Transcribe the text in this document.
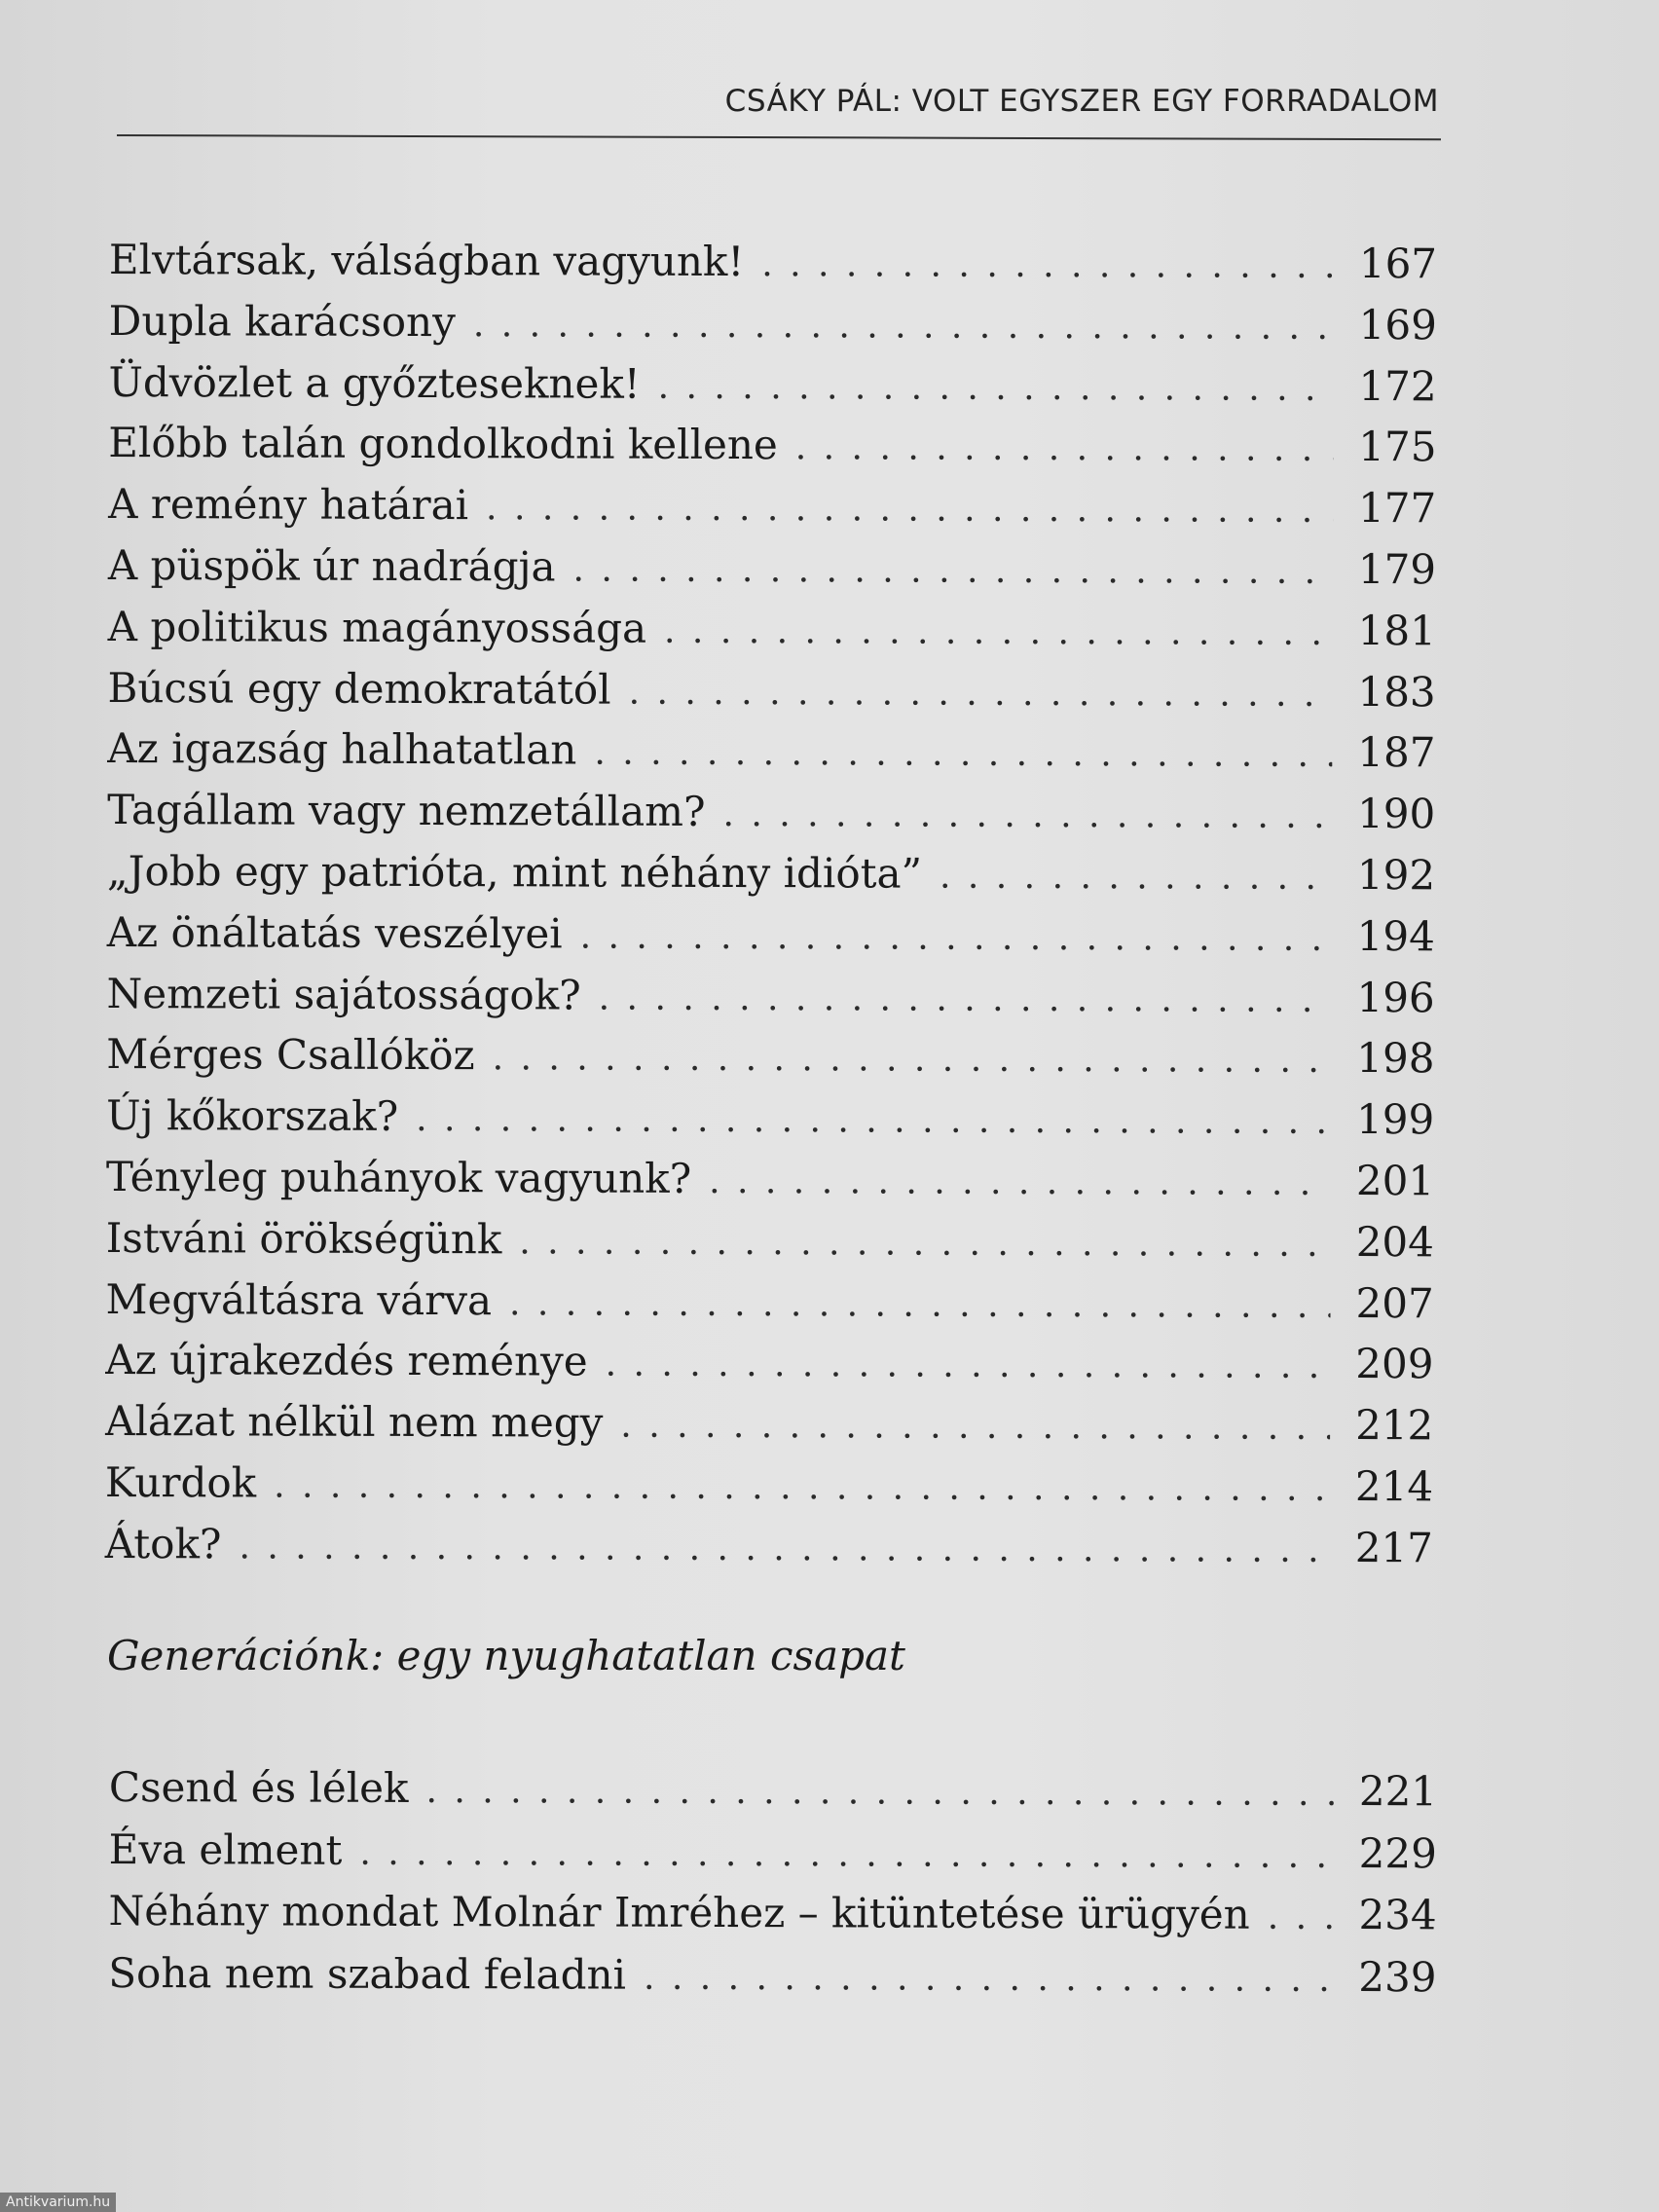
CSÁKY PÁL: VOLT EGYSZER EGY FORRADALOM
Elvtársak, válságban vagyunk! . . .	167
Dupla karácsony . . .	169
Üdvözlet a győzteseknek! . . .	172
Előbb talán gondolkodni kellene . . .	175
A remény határai . . .	177
A püspök úr nadrágja . . .	179
A politikus magányossága . . .	181
Búcsú egy demokratától . . .	183
Az igazság halhatatlan . . .	187
Tagállam vagy nemzetállam? . . .	190
„Jobb egy patrióta, mint néhány idióta” . . .	192
Az önáltatás veszélyei . . .	194
Nemzeti sajátosságok? . . .	196
Mérges Csallóköz . . .	198
Új kőkorszak? . . .	199
Tényleg puhányok vagyunk? . . .	201
Istváni örökségünk . . .	204
Megváltásra várva . . .	207
Az újrakezdés reménye . . .	209
Alázat nélkül nem megy . . .	212
Kurdok . . .	214
Átok? . . .	217
Generációnk: egy nyughatatlan csapat
Csend és lélek . . .	221
Éva elment . . .	229
Néhány mondat Molnár Imréhez – kitüntetése ürügyén . . .	234
Soha nem szabad feladni . . .	239
Antikvarium.hu
